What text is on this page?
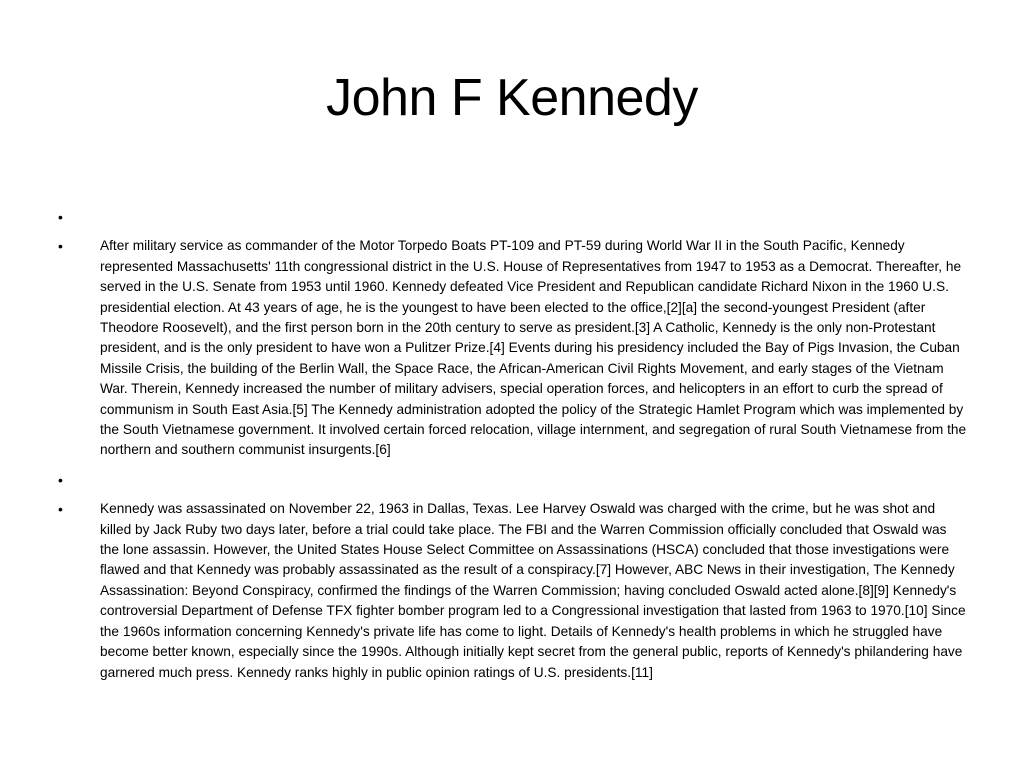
John F Kennedy
•
•	After military service as commander of the Motor Torpedo Boats PT-109 and PT-59 during World War II in the South Pacific, Kennedy represented Massachusetts' 11th congressional district in the U.S. House of Representatives from 1947 to 1953 as a Democrat. Thereafter, he served in the U.S. Senate from 1953 until 1960. Kennedy defeated Vice President and Republican candidate Richard Nixon in the 1960 U.S. presidential election. At 43 years of age, he is the youngest to have been elected to the office,[2][a] the second-youngest President (after Theodore Roosevelt), and the first person born in the 20th century to serve as president.[3] A Catholic, Kennedy is the only non-Protestant president, and is the only president to have won a Pulitzer Prize.[4] Events during his presidency included the Bay of Pigs Invasion, the Cuban Missile Crisis, the building of the Berlin Wall, the Space Race, the African-American Civil Rights Movement, and early stages of the Vietnam War. Therein, Kennedy increased the number of military advisers, special operation forces, and helicopters in an effort to curb the spread of communism in South East Asia.[5] The Kennedy administration adopted the policy of the Strategic Hamlet Program which was implemented by the South Vietnamese government. It involved certain forced relocation, village internment, and segregation of rural South Vietnamese from the northern and southern communist insurgents.[6]
•
•	Kennedy was assassinated on November 22, 1963 in Dallas, Texas. Lee Harvey Oswald was charged with the crime, but he was shot and killed by Jack Ruby two days later, before a trial could take place. The FBI and the Warren Commission officially concluded that Oswald was the lone assassin. However, the United States House Select Committee on Assassinations (HSCA) concluded that those investigations were flawed and that Kennedy was probably assassinated as the result of a conspiracy.[7] However, ABC News in their investigation, The Kennedy Assassination: Beyond Conspiracy, confirmed the findings of the Warren Commission; having concluded Oswald acted alone.[8][9] Kennedy's controversial Department of Defense TFX fighter bomber program led to a Congressional investigation that lasted from 1963 to 1970.[10] Since the 1960s information concerning Kennedy's private life has come to light. Details of Kennedy's health problems in which he struggled have become better known, especially since the 1990s. Although initially kept secret from the general public, reports of Kennedy's philandering have garnered much press. Kennedy ranks highly in public opinion ratings of U.S. presidents.[11]
